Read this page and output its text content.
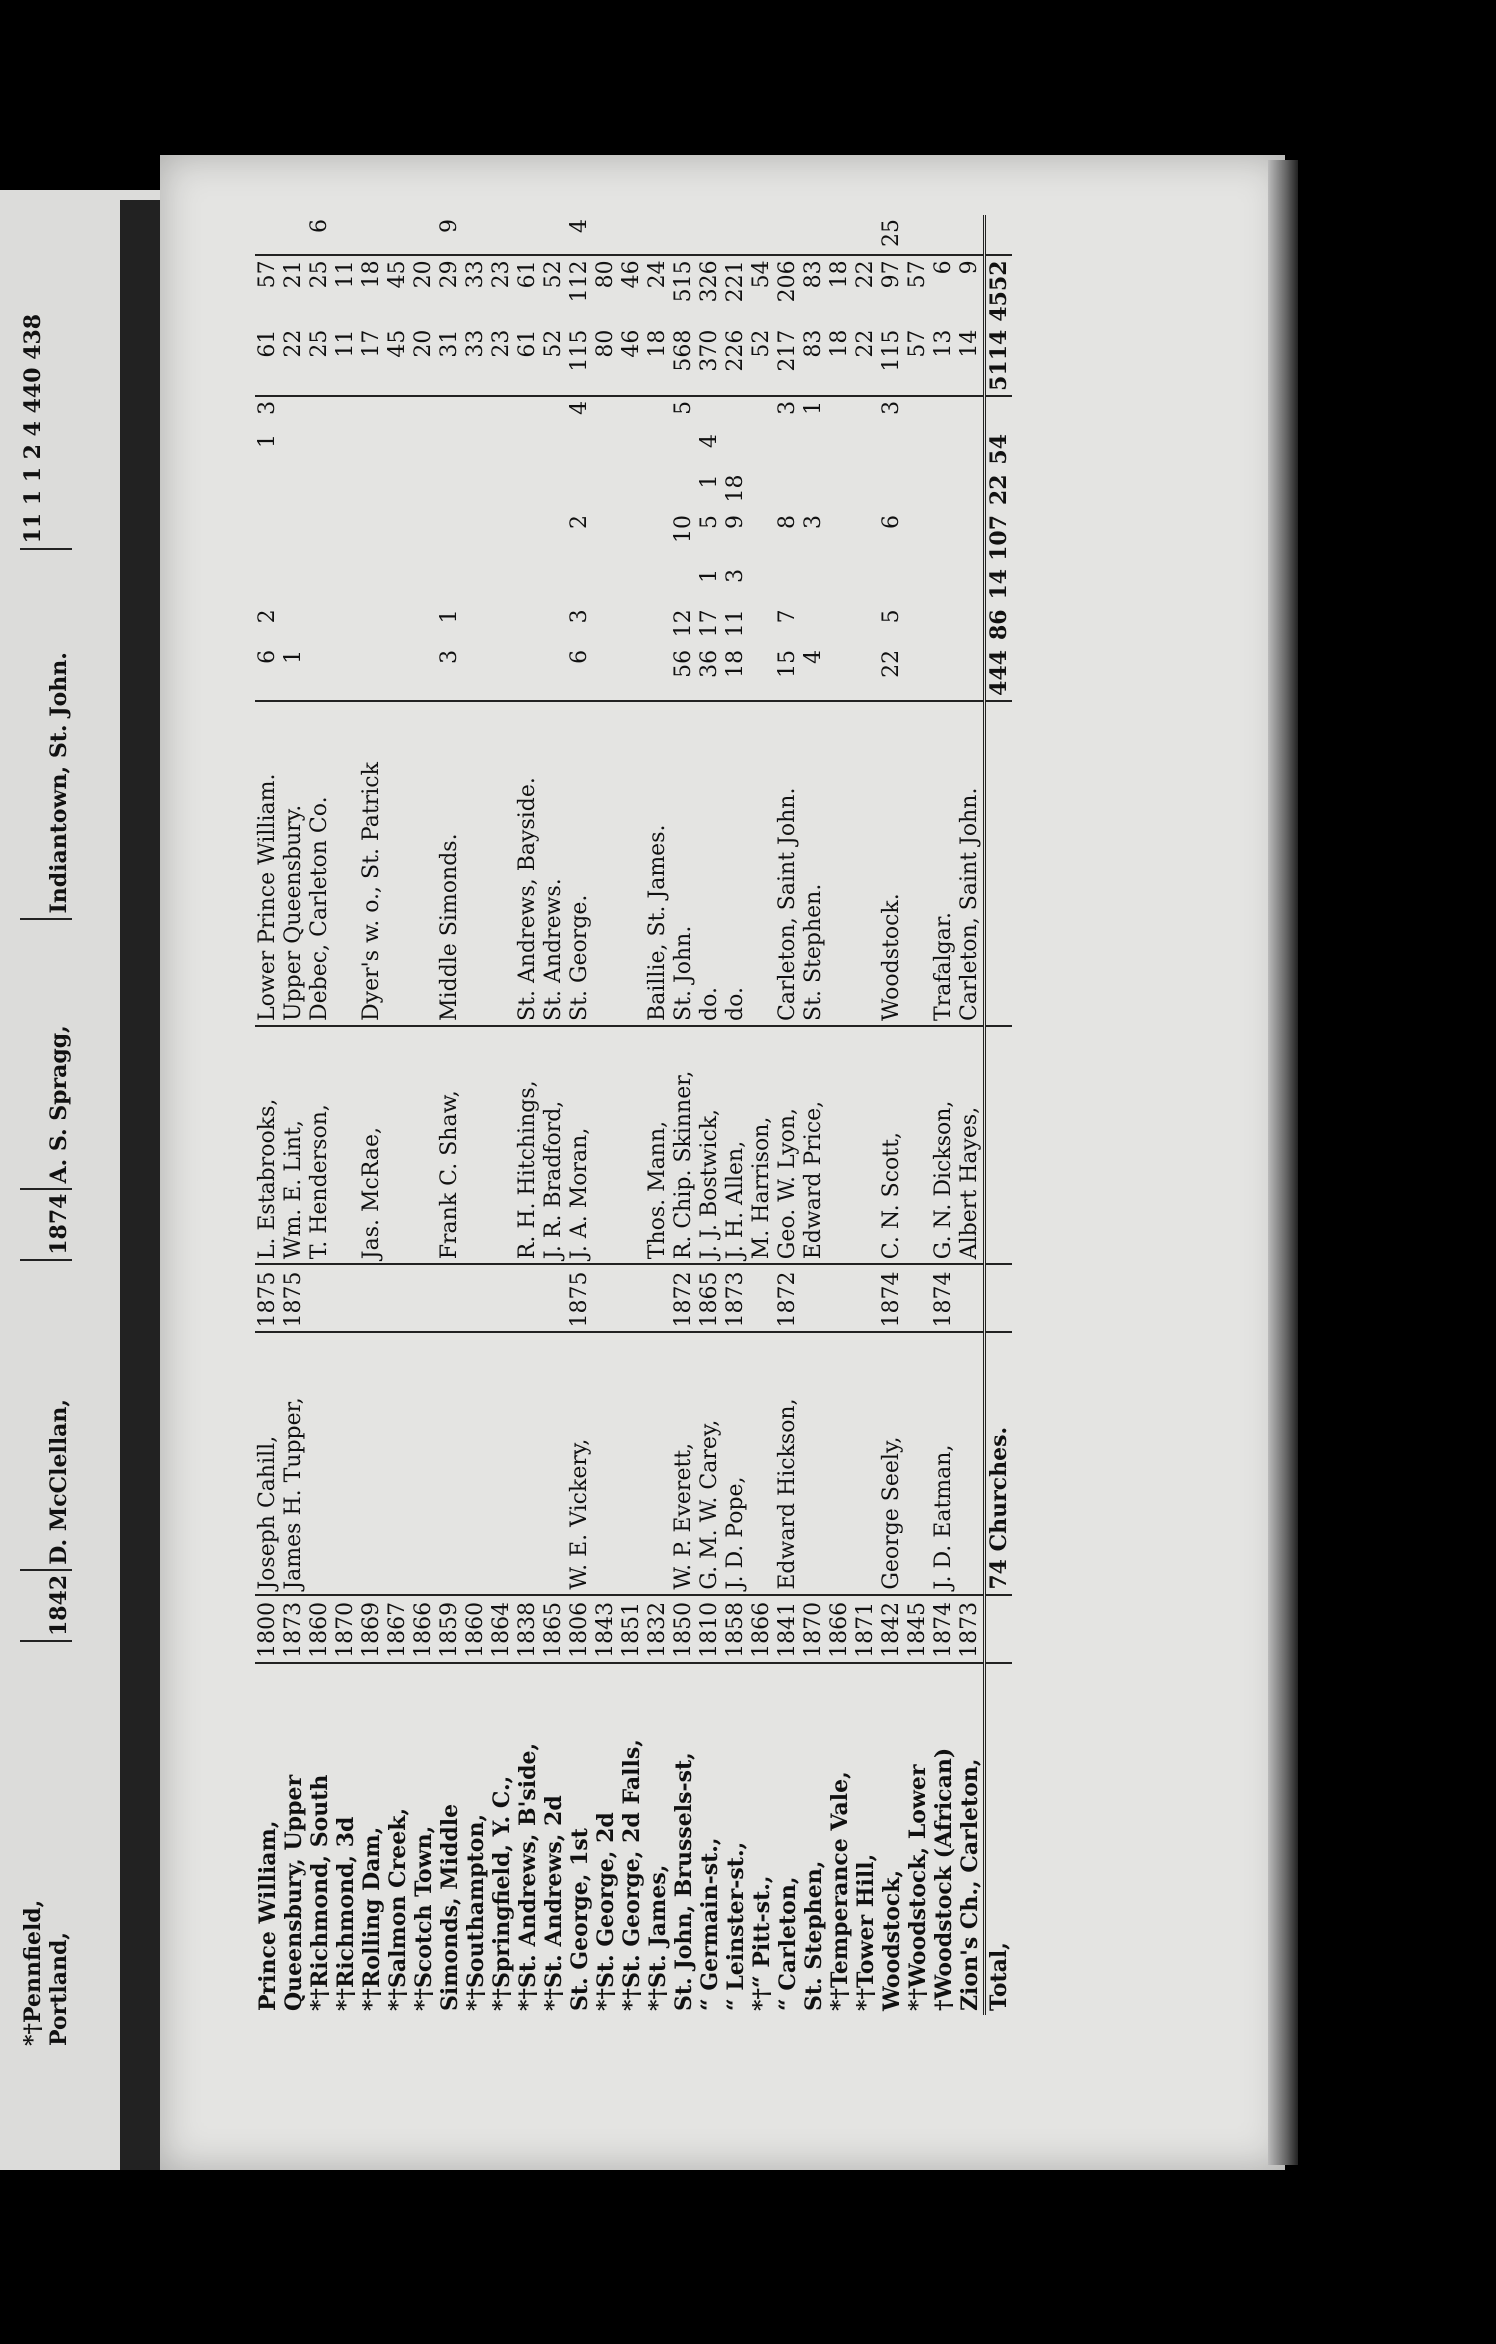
*†Pennfield,						11 1 1 2 4 440 438
Portland,	1842	D. McClellan,	1874	A. S. Spragg,	Indiantown, St. John.	
Prince William,	1800	Joseph Cahill,	1875	L. Estabrooks,	Lower Prince William.	6	2				1	3	61	57	
Queensbury, Upper	1873	James H. Tupper,	1875	Wm. E. Lint,	Upper Queensbury.	1							22	21	
*†Richmond, South	1860			T. Henderson,	Debec, Carleton Co.								25	25	6
*†Richmond, 3d	1870												11	11	
*†Rolling Dam,	1869			Jas. McRae,	Dyer's w. o., St. Patrick								17	18	
*†Salmon Creek,	1867												45	45	
*†Scotch Town,	1866												20	20	
Simonds, Middle	1859			Frank C. Shaw,	Middle Simonds.	3	1						31	29	9
*†Southampton,	1860												33	33	
*†Springfield, Y. C.,	1864												23	23	
*†St. Andrews, B'side,	1838			R. H. Hitchings,	St. Andrews, Bayside.								61	61	
*†St. Andrews, 2d	1865			J. R. Bradford,	St. Andrews.								52	52	
St. George, 1st	1806	W. E. Vickery,	1875	J. A. Moran,	St. George.	6	3		2			4	115	112	4
*†St. George, 2d	1843												80	80	
*†St. George, 2d Falls,	1851												46	46	
*†St. James,	1832			Thos. Mann,	Baillie, St. James.								18	24	
St. John, Brussels-st,	1850	W. P. Everett,	1872	R. Chip. Skinner,	St. John.	56	12		10			5	568	515	
“ Germain-st.,	1810	G. M. W. Carey,	1865	J. J. Bostwick,	do.	36	17	1	5	1	4		370	326	
“ Leinster-st.,	1858	J. D. Pope,	1873	J. H. Allen,	do.	18	11	3	9	18			226	221	
*†“ Pitt-st.,	1866			M. Harrison,									52	54	
“ Carleton,	1841	Edward Hickson,	1872	Geo. W. Lyon,	Carleton, Saint John.	15	7		8			3	217	206	
St. Stephen,	1870			Edward Price,	St. Stephen.	4			3			1	83	83	
*†Temperance Vale,	1866												18	18	
*†Tower Hill,	1871												22	22	
Woodstock,	1842	George Seely,	1874	C. N. Scott,	Woodstock.	22	5		6			3	115	97	25
*†Woodstock, Lower	1845												57	57	
†Woodstock (African)	1874	J. D. Eatman,	1874	G. N. Dickson,	Trafalgar.								13	6	
Zion's Ch., Carleton,	1873			Albert Hayes,	Carleton, Saint John.								14	9	
Total,		74 Churches.				444	86	14	107	22	54		5114	4552	
